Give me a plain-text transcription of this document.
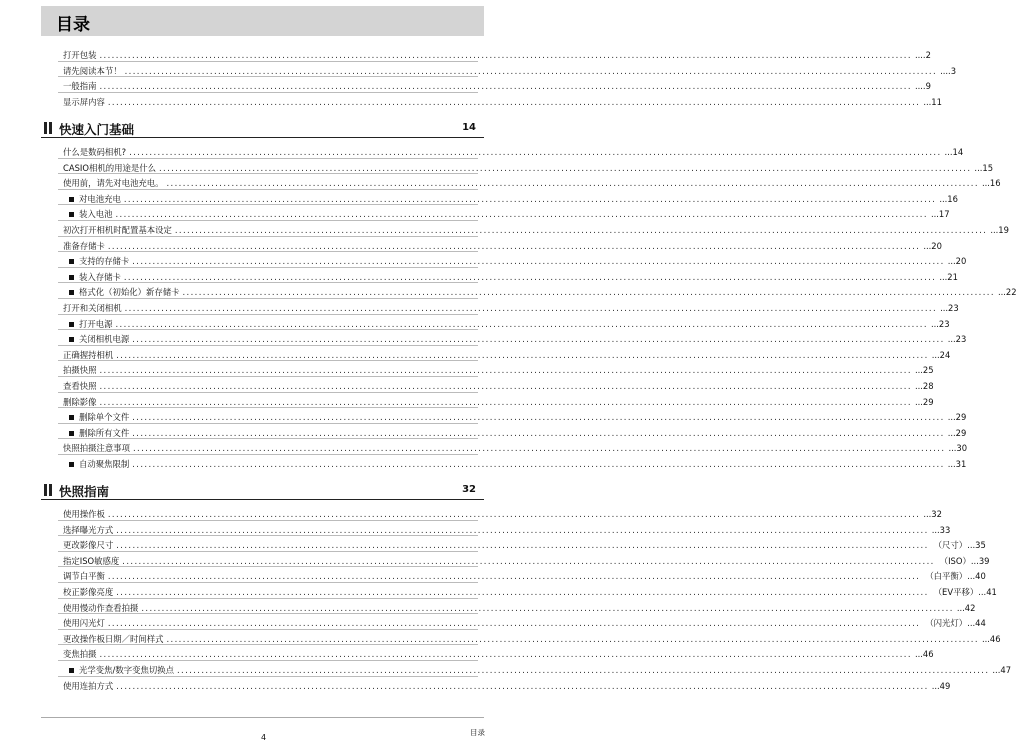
目录
打开包装 ........................................................................................................................................................................................................ ....2
请先阅读本节！ ........................................................................................................................................................................................................ ....3
一般指南 ........................................................................................................................................................................................................ ....9
显示屏内容 ........................................................................................................................................................................................................ ...11
快速入门基础	14
什么是数码相机? ........................................................................................................................................................................................................ ...14
CASIO相机的用途是什么 ........................................................................................................................................................................................................ ...15
使用前，请先对电池充电。 ........................................................................................................................................................................................................ ...16
对电池充电 ........................................................................................................................................................................................................ ...16
装入电池 ........................................................................................................................................................................................................ ...17
初次打开相机时配置基本设定 ........................................................................................................................................................................................................ ...19
准备存储卡 ........................................................................................................................................................................................................ ...20
支持的存储卡 ........................................................................................................................................................................................................ ...20
装入存储卡 ........................................................................................................................................................................................................ ...21
格式化（初始化）新存储卡 ........................................................................................................................................................................................................ ...22
打开和关闭相机 ........................................................................................................................................................................................................ ...23
打开电源 ........................................................................................................................................................................................................ ...23
关闭相机电源 ........................................................................................................................................................................................................ ...23
正确握持相机 ........................................................................................................................................................................................................ ...24
拍摄快照 ........................................................................................................................................................................................................ ...25
查看快照 ........................................................................................................................................................................................................ ...28
删除影像 ........................................................................................................................................................................................................ ...29
删除单个文件 ........................................................................................................................................................................................................ ...29
删除所有文件 ........................................................................................................................................................................................................ ...29
快照拍摄注意事项 ........................................................................................................................................................................................................ ...30
自动聚焦限制 ........................................................................................................................................................................................................ ...31
快照指南	32
使用操作板 ........................................................................................................................................................................................................ ...32
选择曝光方式 ........................................................................................................................................................................................................ ...33
更改影像尺寸 ........................................................................................................................................................................................................ （尺寸） ...35
指定ISO敏感度 ........................................................................................................................................................................................................ （ISO） ...39
调节白平衡 ........................................................................................................................................................................................................ （白平衡） ...40
校正影像亮度 ........................................................................................................................................................................................................ （EV平移） ...41
使用慢动作查看拍摄 ........................................................................................................................................................................................................ ...42
使用闪光灯 ........................................................................................................................................................................................................ （闪光灯） ...44
更改操作板日期／时间样式 ........................................................................................................................................................................................................ ...46
变焦拍摄 ........................................................................................................................................................................................................ ...46
光学变焦/数字变焦切换点 ........................................................................................................................................................................................................ ...47
使用连拍方式 ........................................................................................................................................................................................................ ...49
4
目录
